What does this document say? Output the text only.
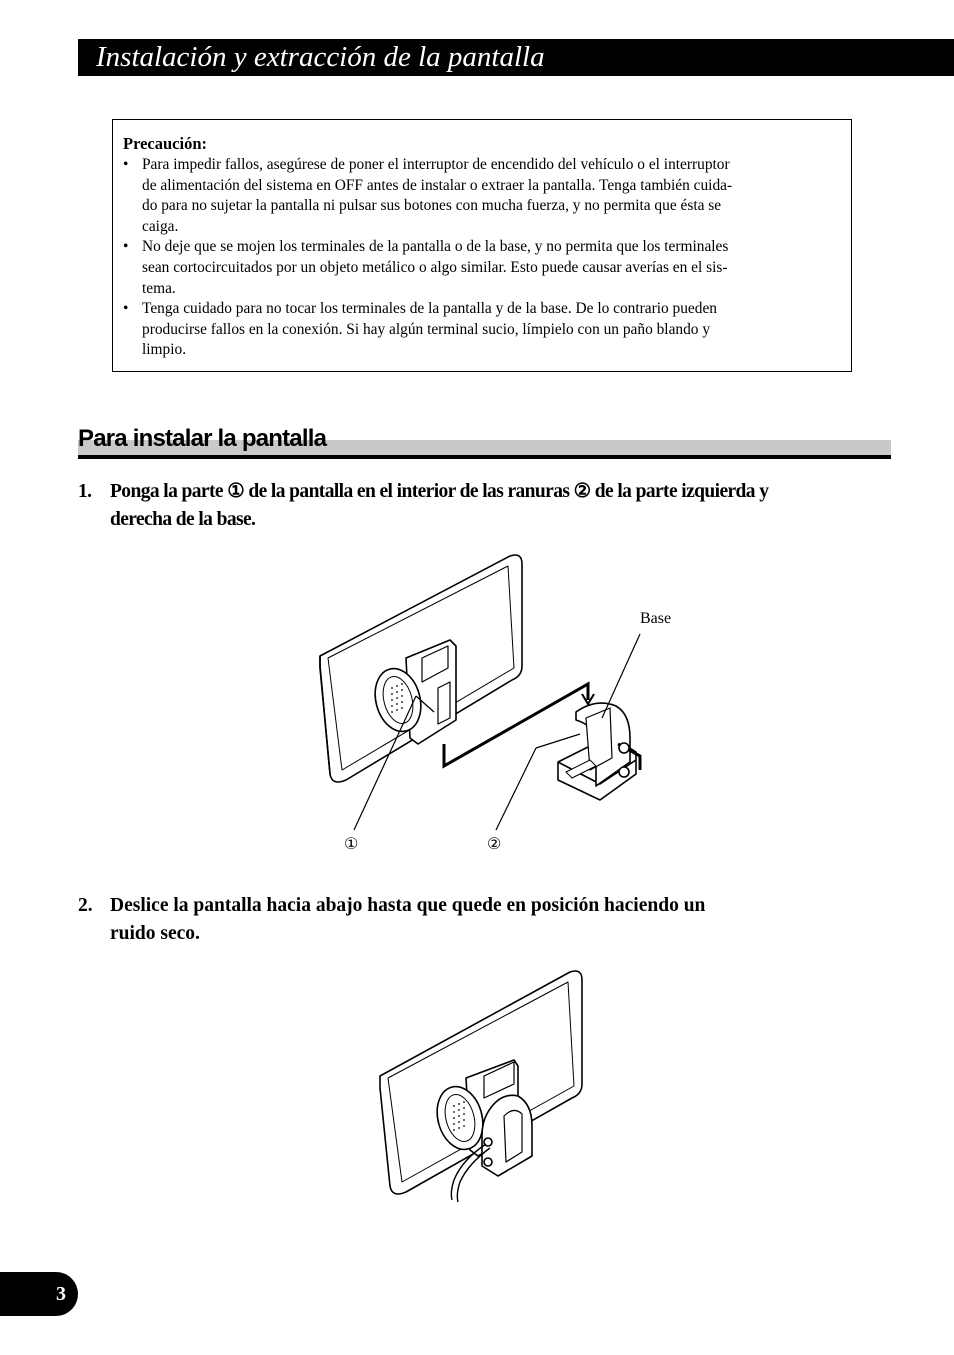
Instalación y extracción de la pantalla
Precaución:
• Para impedir fallos, asegúrese de poner el interruptor de encendido del vehículo o el interruptor
de alimentación del sistema en OFF antes de instalar o extraer la pantalla. Tenga también cuida-
do para no sujetar la pantalla ni pulsar sus botones con mucha fuerza, y no permita que ésta se
caiga.
• No deje que se mojen los terminales de la pantalla o de la base, y no permita que los terminales
sean cortocircuitados por un objeto metálico o algo similar. Esto puede causar averías en el sis-
tema.
• Tenga cuidado para no tocar los terminales de la pantalla y de la base. De lo contrario pueden
producirse fallos en la conexión. Si hay algún terminal sucio, límpielo con un paño blando y
limpio.
Para instalar la pantalla
1. Ponga la parte ① de la pantalla en el interior de las ranuras ② de la parte izquierda y
derecha de la base.
Base
①	②
2. Deslice la pantalla hacia abajo hasta que quede en posición haciendo un
ruido seco.
3
